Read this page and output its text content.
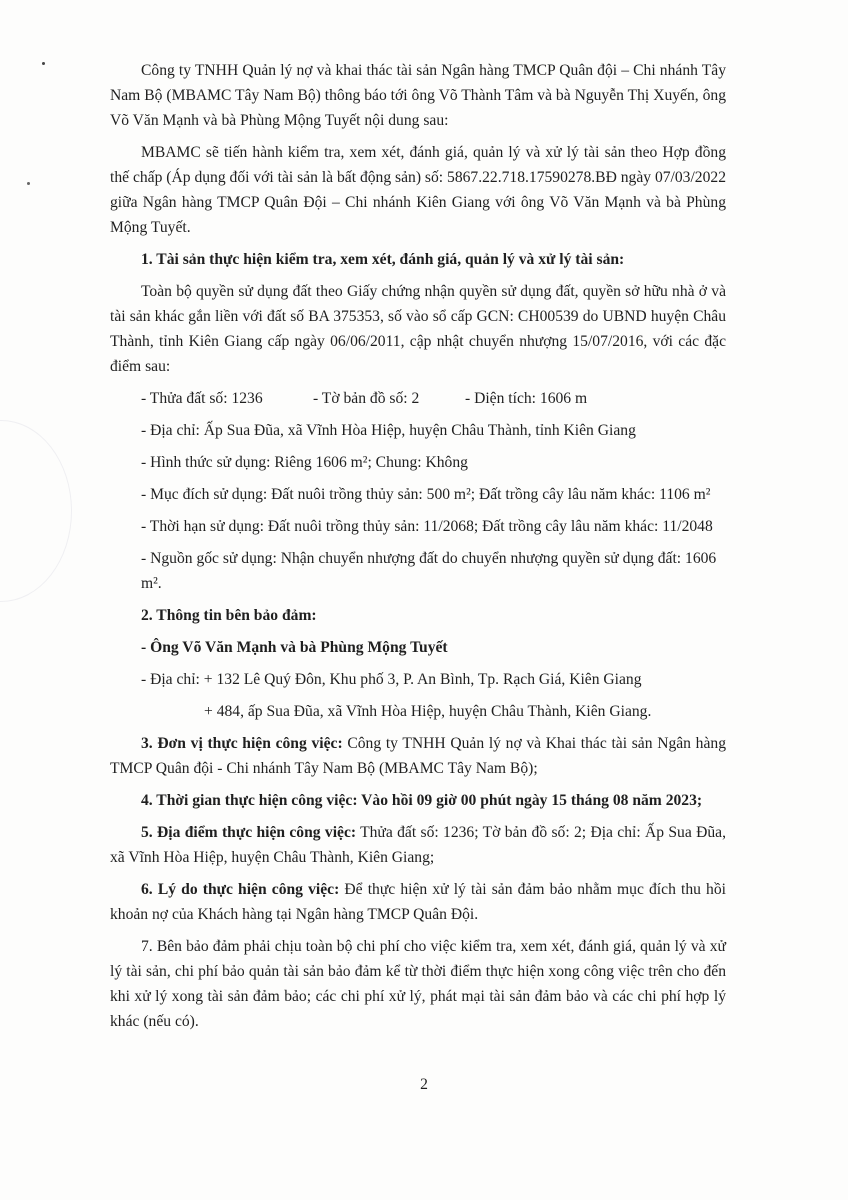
Công ty TNHH Quản lý nợ và khai thác tài sản Ngân hàng TMCP Quân đội – Chi nhánh Tây Nam Bộ (MBAMC Tây Nam Bộ) thông báo tới ông Võ Thành Tâm và bà Nguyễn Thị Xuyến, ông Võ Văn Mạnh và bà Phùng Mộng Tuyết nội dung sau:

MBAMC sẽ tiến hành kiểm tra, xem xét, đánh giá, quản lý và xử lý tài sản theo Hợp đồng thế chấp (Áp dụng đối với tài sản là bất động sản) số: 5867.22.718.17590278.BĐ ngày 07/03/2022 giữa Ngân hàng TMCP Quân Đội – Chi nhánh Kiên Giang với ông Võ Văn Mạnh và bà Phùng Mộng Tuyết.

1. Tài sản thực hiện kiểm tra, xem xét, đánh giá, quản lý và xử lý tài sản:

Toàn bộ quyền sử dụng đất theo Giấy chứng nhận quyền sử dụng đất, quyền sở hữu nhà ở và tài sản khác gắn liền với đất số BA 375353, số vào sổ cấp GCN: CH00539 do UBND huyện Châu Thành, tỉnh Kiên Giang cấp ngày 06/06/2011, cập nhật chuyển nhượng 15/07/2016, với các đặc điểm sau:

- Thửa đất số: 1236	- Tờ bản đồ số: 2	- Diện tích: 1606 m

- Địa chỉ: Ấp Sua Đũa, xã Vĩnh Hòa Hiệp, huyện Châu Thành, tỉnh Kiên Giang

- Hình thức sử dụng: Riêng 1606 m²; Chung: Không

- Mục đích sử dụng: Đất nuôi trồng thủy sản: 500 m²; Đất trồng cây lâu năm khác: 1106 m²

- Thời hạn sử dụng: Đất nuôi trồng thủy sản: 11/2068; Đất trồng cây lâu năm khác: 11/2048

- Nguồn gốc sử dụng: Nhận chuyển nhượng đất do chuyển nhượng quyền sử dụng đất: 1606 m².

2. Thông tin bên bảo đảm:

- Ông Võ Văn Mạnh và bà Phùng Mộng Tuyết

- Địa chỉ: + 132 Lê Quý Đôn, Khu phố 3, P. An Bình, Tp. Rạch Giá, Kiên Giang

+ 484, ấp Sua Đũa, xã Vĩnh Hòa Hiệp, huyện Châu Thành, Kiên Giang.

3. Đơn vị thực hiện công việc: Công ty TNHH Quản lý nợ và Khai thác tài sản Ngân hàng TMCP Quân đội - Chi nhánh Tây Nam Bộ (MBAMC Tây Nam Bộ);

4. Thời gian thực hiện công việc: Vào hồi 09 giờ 00 phút ngày 15 tháng 08 năm 2023;

5. Địa điểm thực hiện công việc: Thửa đất số: 1236; Tờ bản đồ số: 2; Địa chỉ: Ấp Sua Đũa, xã Vĩnh Hòa Hiệp, huyện Châu Thành, Kiên Giang;

6. Lý do thực hiện công việc: Để thực hiện xử lý tài sản đảm bảo nhằm mục đích thu hồi khoản nợ của Khách hàng tại Ngân hàng TMCP Quân Đội.

7. Bên bảo đảm phải chịu toàn bộ chi phí cho việc kiểm tra, xem xét, đánh giá, quản lý và xử lý tài sản, chi phí bảo quản tài sản bảo đảm kể từ thời điểm thực hiện xong công việc trên cho đến khi xử lý xong tài sản đảm bảo; các chi phí xử lý, phát mại tài sản đảm bảo và các chi phí hợp lý khác (nếu có).

2
